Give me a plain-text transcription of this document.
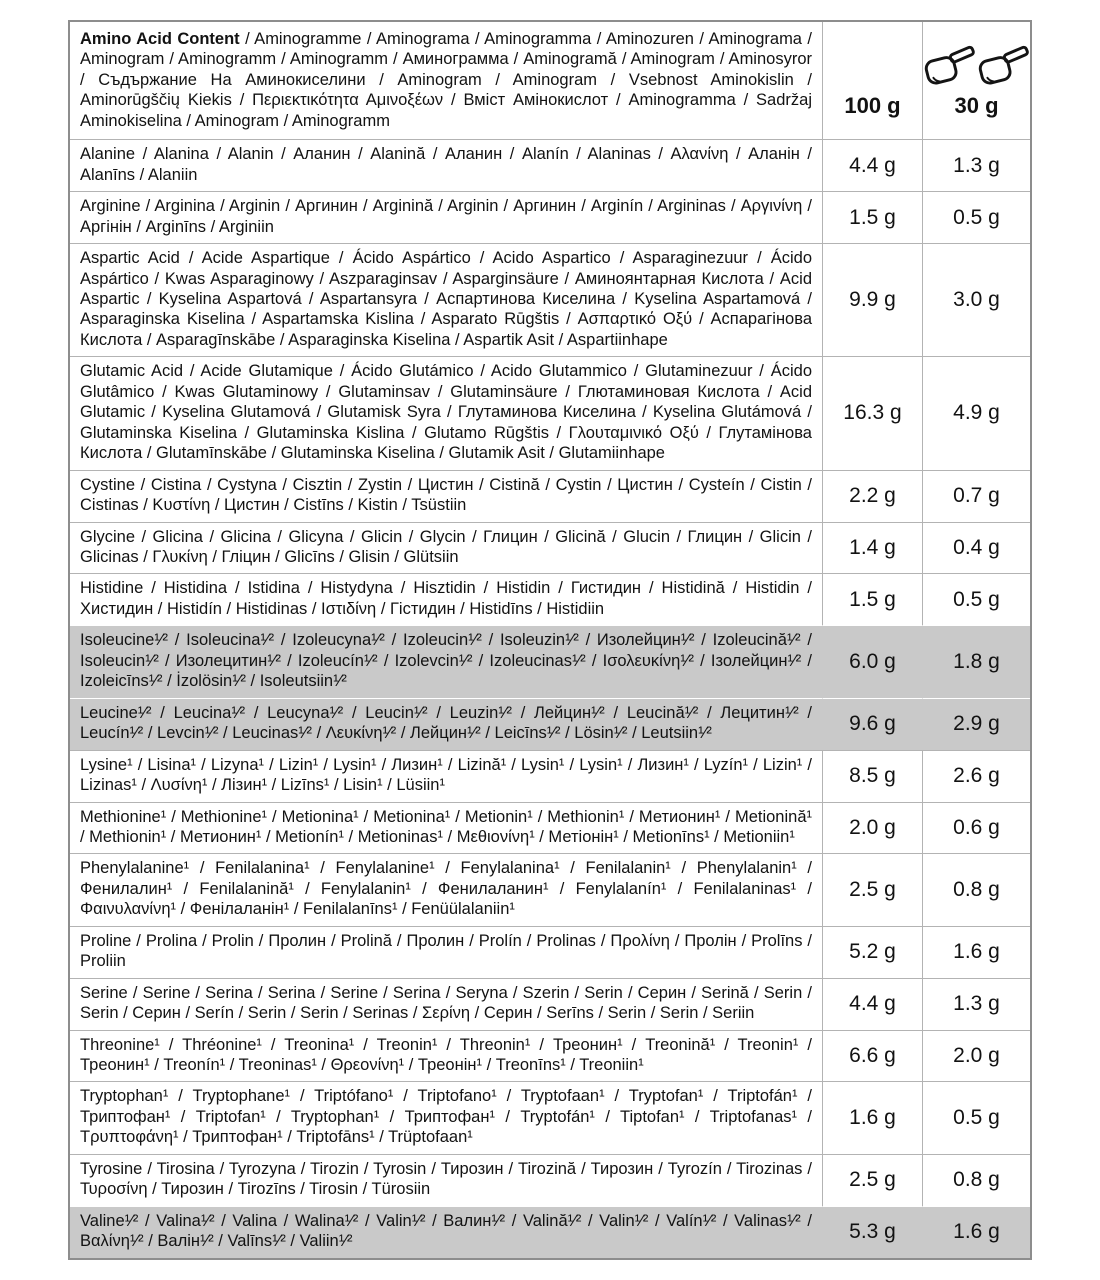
Amino Acid Content / Aminogramme / Aminograma / Aminogramma / Aminozuren / Aminograma / Aminogram / Aminogramm / Aminogramm / Аминограмма / Aminogramă / Aminogram / Aminosyror / Съдържание На Аминокиселини / Aminogram / Aminogram / Vsebnost Aminokislin / Aminorūgščių Kiekis / Περιεκτικότητα Αμινοξέων / Вміст Амінокислот / Aminogramma / Sadržaj Aminokiselina / Aminogram / Aminogramm	100 g	30 g

Alanine / Alanina / Alanin / Аланин / Alanină / Аланин / Alanín / Alaninas / Αλανίνη / Аланін / Alanīns / Alaniin	4.4 g	1.3 g
Arginine / Arginina / Arginin / Аргинин / Arginină / Arginin / Аргинин / Arginín / Argininas / Αργινίνη / Аргінін / Arginīns / Arginiin	1.5 g	0.5 g
Aspartic Acid / Acide Aspartique / Ácido Aspártico / Acido Aspartico / Asparaginezuur / Ácido Aspártico / Kwas Asparaginowy / Aszparaginsav / Asparginsäure / Аминоянтарная Кислота / Acid Aspartic / Kyselina Aspartová / Aspartansyra / Аспартинова Киселина / Kyselina Aspartamová / Asparaginska Kiselina / Aspartamska Kislina / Asparato Rūgštis / Ασπαρτικό Οξύ / Аспарагінова Кислота / Asparagīnskābe / Asparaginska Kiselina / Aspartik Asit / Aspartiinhape	9.9 g	3.0 g
Glutamic Acid / Acide Glutamique / Ácido Glutámico / Acido Glutammico / Glutaminezuur / Ácido Glutâmico / Kwas Glutaminowy / Glutaminsav / Glutaminsäure / Глютаминовая Кислота / Acid Glutamic / Kyselina Glutamová / Glutamisk Syra / Глутаминова Киселина / Kyselina Glutámová / Glutaminska Kiselina / Glutaminska Kislina / Glutamo Rūgštis / Γλουταμινικό Οξύ / Глутамінова Кислота / Glutamīnskābe / Glutaminska Kiselina / Glutamik Asit / Glutamiinhape	16.3 g	4.9 g
Cystine / Cistina / Cystyna / Cisztin / Zystin / Цистин / Cistină / Cystin / Цистин / Cysteín / Cistin / Cistinas / Κυστίνη / Цистин / Cistīns / Kistin / Tsüstiin	2.2 g	0.7 g
Glycine / Glicina / Glicina / Glicyna / Glicin / Glycin / Глицин / Glicină / Glucin / Глицин / Glicin / Glicinas / Γλυκίνη / Гліцин / Glicīns / Glisin / Glütsiin	1.4 g	0.4 g
Histidine / Histidina / Istidina / Histydyna / Hisztidin / Histidin / Гистидин / Histidină / Histidin / Хистидин / Histidín / Histidinas / Ιστιδίνη / Гістидин / Histidīns / Histidiin	1.5 g	0.5 g
Isoleucine¹⁄² / Isoleucina¹⁄² / Izoleucyna¹⁄² / Izoleucin¹⁄² / Isoleuzin¹⁄² / Изолейцин¹⁄² / Izoleucină¹⁄² / Isoleucin¹⁄² / Изолецитин¹⁄² / Izoleucín¹⁄² / Izolevcin¹⁄² / Izoleucinas¹⁄² / Ισολευκίνη¹⁄² / Ізолейцин¹⁄² / Izoleicīns¹⁄² / İzolösin¹⁄² / Isoleutsiin¹⁄²	6.0 g	1.8 g
Leucine¹⁄² / Leucina¹⁄² / Leucyna¹⁄² / Leucin¹⁄² / Leuzin¹⁄² / Лейцин¹⁄² / Leucină¹⁄² / Лецитин¹⁄² / Leucín¹⁄² / Levcin¹⁄² / Leucinas¹⁄² / Λευκίνη¹⁄² / Лейцин¹⁄² / Leicīns¹⁄² / Lösin¹⁄² / Leutsiin¹⁄²	9.6 g	2.9 g
Lysine¹ / Lisina¹ / Lizyna¹ / Lizin¹ / Lysin¹ / Лизин¹ / Lizină¹ / Lysin¹ / Lysin¹ / Лизин¹ / Lyzín¹ / Lizin¹ / Lizinas¹ / Λυσίνη¹ / Лізин¹ / Lizīns¹ / Lisin¹ / Lüsiin¹	8.5 g	2.6 g
Methionine¹ / Methionine¹ / Metionina¹ / Metionina¹ / Metionin¹ / Methionin¹ / Метионин¹ / Metionină¹ / Methionin¹ / Метионин¹ / Metionín¹ / Metioninas¹ / Μεθιονίνη¹ / Метіонін¹ / Metionīns¹ / Metioniin¹	2.0 g	0.6 g
Phenylalanine¹ / Fenilalanina¹ / Fenylalanine¹ / Fenylalanina¹ / Fenilalanin¹ / Phenylalanin¹ / Фенилалин¹ / Fenilalanină¹ / Fenylalanin¹ / Фенилаланин¹ / Fenylalanín¹ / Fenilalaninas¹ / Φαινυλανίνη¹ / Фенілаланін¹ / Fenilalanīns¹ / Fenüülalaniin¹	2.5 g	0.8 g
Proline / Prolina / Prolin / Пролин / Prolină / Пролин / Prolín / Prolinas / Προλίνη / Пролін / Prolīns / Proliin	5.2 g	1.6 g
Serine / Serine / Serina / Serina / Serine / Serina / Seryna / Szerin / Serin / Серин / Serină / Serin / Serin / Серин / Serín / Serin / Serin / Serinas / Σερίνη / Серин / Serīns / Serin / Serin / Seriin	4.4 g	1.3 g
Threonine¹ / Thréonine¹ / Treonina¹ / Treonin¹ / Threonin¹ / Треонин¹ / Treonină¹ / Treonin¹ / Треонин¹ / Treonín¹ / Treoninas¹ / Θρεονίνη¹ / Треонін¹ / Treonīns¹ / Treoniin¹	6.6 g	2.0 g
Tryptophan¹ / Tryptophane¹ / Triptófano¹ / Triptofano¹ / Tryptofaan¹ / Tryptofan¹ / Triptofán¹ / Триптофан¹ / Triptofan¹ / Tryptophan¹ / Триптофан¹ / Tryptofán¹ / Tiptofan¹ / Triptofanas¹ / Τρυπτοφάνη¹ / Триптофан¹ / Triptofāns¹ / Trüptofaan¹	1.6 g	0.5 g
Tyrosine / Tirosina / Tyrozyna / Tirozin / Tyrosin / Тирозин / Tirozină / Тирозин / Tyrozín / Tirozinas / Τυροσίνη / Тирозин / Tirozīns / Tirosin / Türosiin	2.5 g	0.8 g
Valine¹⁄² / Valina¹⁄² / Valina / Walina¹⁄² / Valin¹⁄² / Валин¹⁄² / Valină¹⁄² / Valin¹⁄² / Valín¹⁄² / Valinas¹⁄² / Βαλίνη¹⁄² / Валін¹⁄² / Valīns¹⁄² / Valiin¹⁄²	5.3 g	1.6 g
